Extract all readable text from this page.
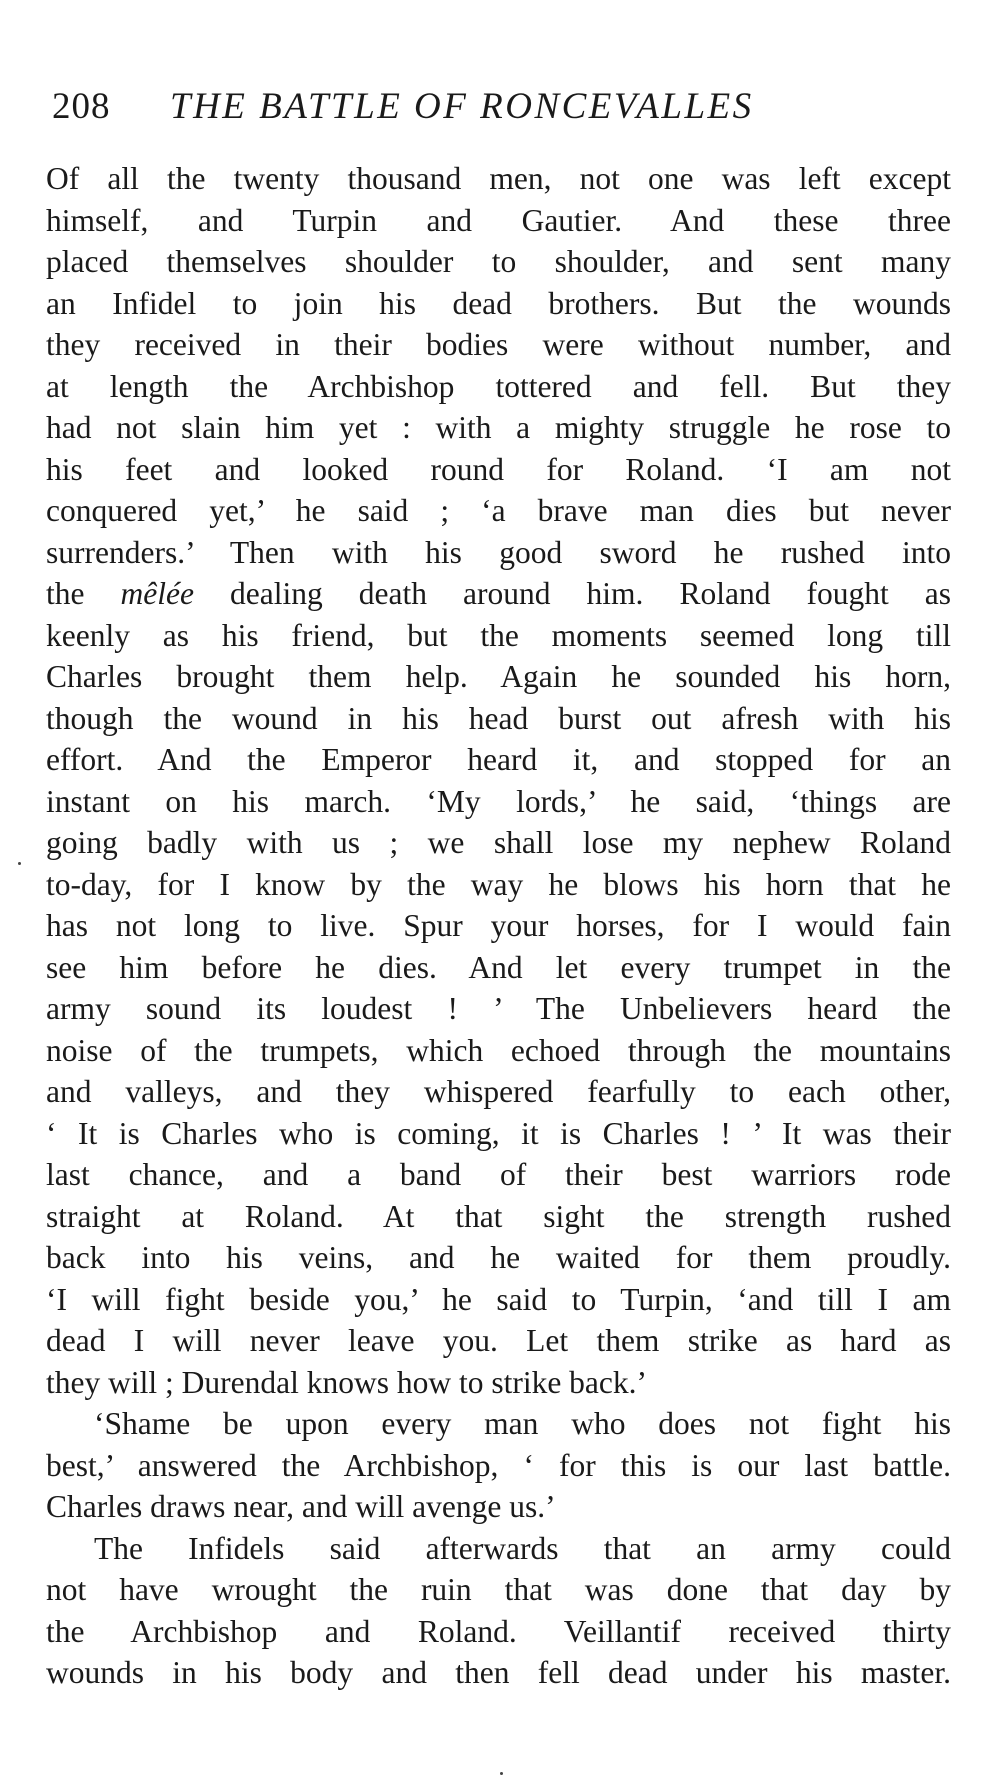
208 THE BATTLE OF RONCEVALLES
Of all the twenty thousand men, not one was left except
himself, and Turpin and Gautier. And these three
placed themselves shoulder to shoulder, and sent many
an Infidel to join his dead brothers. But the wounds
they received in their bodies were without number, and
at length the Archbishop tottered and fell. But they
had not slain him yet : with a mighty struggle he rose to
his feet and looked round for Roland. ‘I am not
conquered yet,’ he said ; ‘a brave man dies but never
surrenders.’ Then with his good sword he rushed into
the mêlée dealing death around him. Roland fought as
keenly as his friend, but the moments seemed long till
Charles brought them help. Again he sounded his horn,
though the wound in his head burst out afresh with his
effort. And the Emperor heard it, and stopped for an
instant on his march. ‘My lords,’ he said, ‘things are
going badly with us ; we shall lose my nephew Roland
to-day, for I know by the way he blows his horn that he
has not long to live. Spur your horses, for I would fain
see him before he dies. And let every trumpet in the
army sound its loudest ! ’ The Unbelievers heard the
noise of the trumpets, which echoed through the mountains
and valleys, and they whispered fearfully to each other,
‘ It is Charles who is coming, it is Charles ! ’ It was their
last chance, and a band of their best warriors rode
straight at Roland. At that sight the strength rushed
back into his veins, and he waited for them proudly.
‘I will fight beside you,’ he said to Turpin, ‘and till I am
dead I will never leave you. Let them strike as hard as
they will ; Durendal knows how to strike back.’
‘Shame be upon every man who does not fight his
best,’ answered the Archbishop, ‘ for this is our last battle.
Charles draws near, and will avenge us.’
The Infidels said afterwards that an army could
not have wrought the ruin that was done that day by
the Archbishop and Roland. Veillantif received thirty
wounds in his body and then fell dead under his master.
